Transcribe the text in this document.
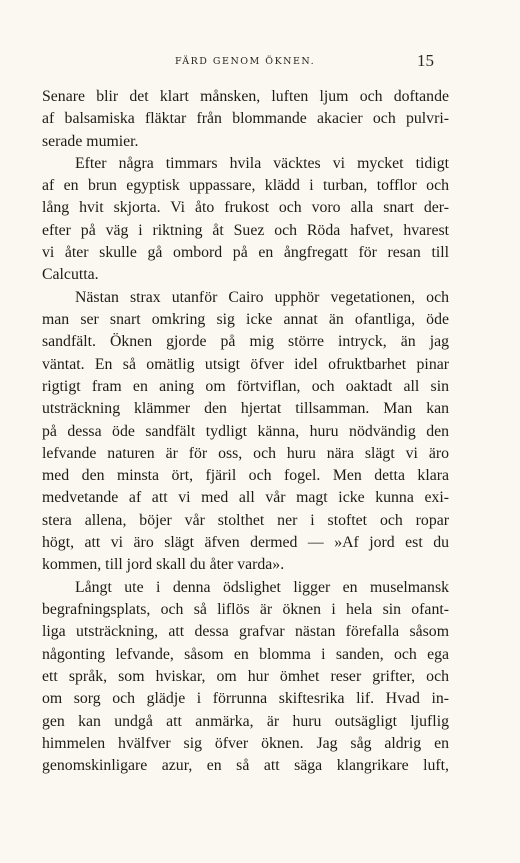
FÄRD GENOM ÖKNEN.	15
Senare blir det klart månsken, luften ljum och doftande
af balsamiska fläktar från blommande akacier och pulvri-
serade mumier.
Efter några timmars hvila väcktes vi mycket tidigt
af en brun egyptisk uppassare, klädd i turban, tofflor och
lång hvit skjorta. Vi åto frukost och voro alla snart der-
efter på väg i riktning åt Suez och Röda hafvet, hvarest
vi åter skulle gå ombord på en ångfregatt för resan till
Calcutta.
Nästan strax utanför Cairo upphör vegetationen, och
man ser snart omkring sig icke annat än ofantliga, öde
sandfält. Öknen gjorde på mig större intryck, än jag
väntat. En så omätlig utsigt öfver idel ofruktbarhet pinar
rigtigt fram en aning om förtviflan, och oaktadt all sin
utsträckning klämmer den hjertat tillsamman. Man kan
på dessa öde sandfält tydligt känna, huru nödvändig den
lefvande naturen är för oss, och huru nära slägt vi äro
med den minsta ört, fjäril och fogel. Men detta klara
medvetande af att vi med all vår magt icke kunna exi-
stera allena, böjer vår stolthet ner i stoftet och ropar
högt, att vi äro slägt äfven dermed — »Af jord est du
kommen, till jord skall du åter varda».
Långt ute i denna ödslighet ligger en muselmansk
begrafningsplats, och så liflös är öknen i hela sin ofant-
liga utsträckning, att dessa grafvar nästan förefalla såsom
någonting lefvande, såsom en blomma i sanden, och ega
ett språk, som hviskar, om hur ömhet reser grifter, och
om sorg och glädje i förrunna skiftesrika lif. Hvad in-
gen kan undgå att anmärka, är huru outsägligt ljuflig
himmelen hvälfver sig öfver öknen. Jag såg aldrig en
genomskinligare azur, en så att säga klangrikare luft,
